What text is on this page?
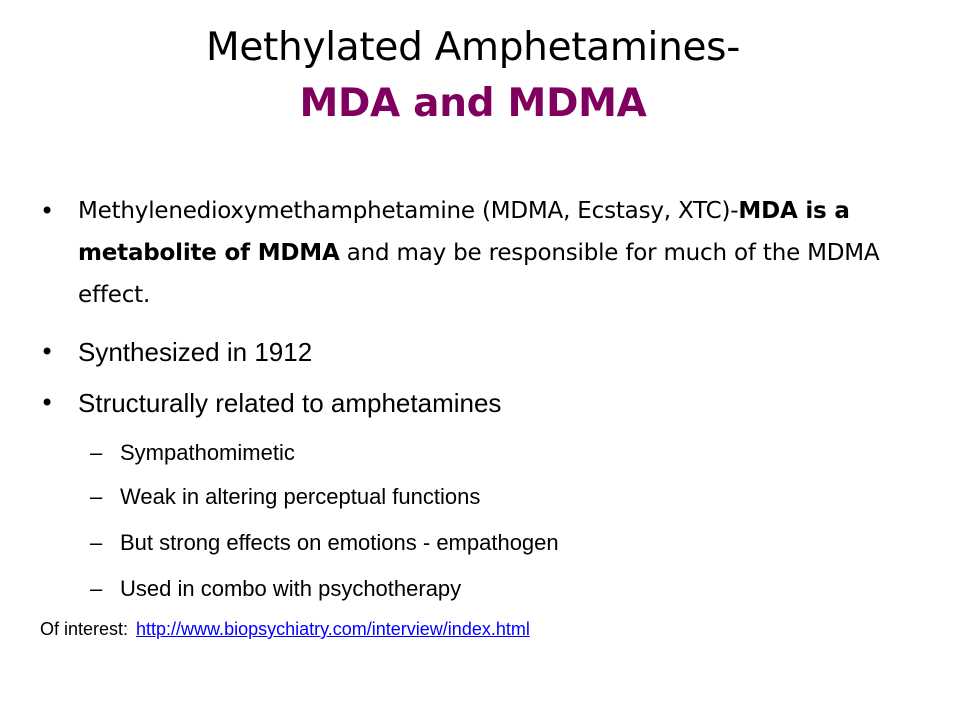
Methylated Amphetamines-
MDA and MDMA
• Methylenedioxymethamphetamine (MDMA, Ecstasy, XTC)-MDA is a metabolite of MDMA and may be responsible for much of the MDMA effect.
• Synthesized in 1912
• Structurally related to amphetamines
– Sympathomimetic
– Weak in altering perceptual functions
– But strong effects on emotions - empathogen
– Used in combo with psychotherapy
Of interest: http://www.biopsychiatry.com/interview/index.html
